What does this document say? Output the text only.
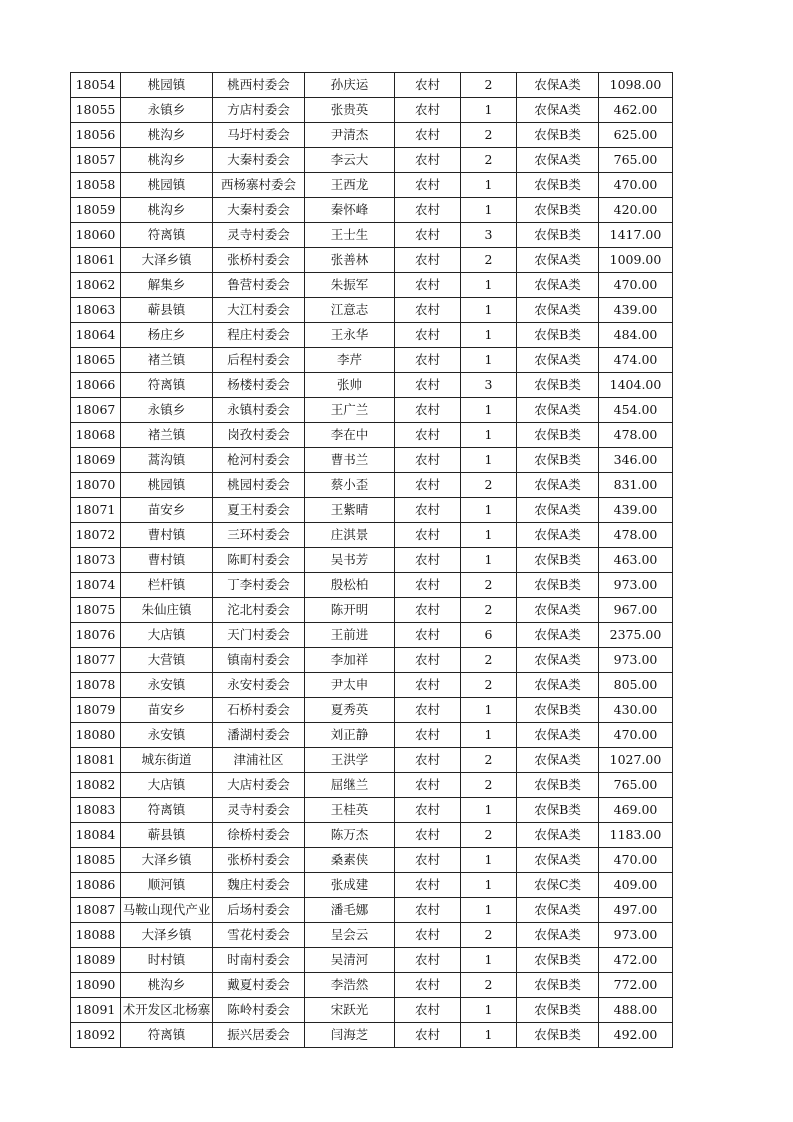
18054	桃园镇	桃西村委会	孙庆运	农村	2	农保A类	1098.00
18055	永镇乡	方店村委会	张贵英	农村	1	农保A类	462.00
18056	桃沟乡	马圩村委会	尹清杰	农村	2	农保B类	625.00
18057	桃沟乡	大秦村委会	李云大	农村	2	农保A类	765.00
18058	桃园镇	西杨寨村委会	王西龙	农村	1	农保B类	470.00
18059	桃沟乡	大秦村委会	秦怀峰	农村	1	农保B类	420.00
18060	符离镇	灵寺村委会	王士生	农村	3	农保B类	1417.00
18061	大泽乡镇	张桥村委会	张善林	农村	2	农保A类	1009.00
18062	解集乡	鲁营村委会	朱振军	农村	1	农保A类	470.00
18063	蕲县镇	大江村委会	江意志	农村	1	农保A类	439.00
18064	杨庄乡	程庄村委会	王永华	农村	1	农保B类	484.00
18065	褚兰镇	后程村委会	李芹	农村	1	农保A类	474.00
18066	符离镇	杨楼村委会	张帅	农村	3	农保B类	1404.00
18067	永镇乡	永镇村委会	王广兰	农村	1	农保A类	454.00
18068	褚兰镇	岗孜村委会	李在中	农村	1	农保B类	478.00
18069	蒿沟镇	枪河村委会	曹书兰	农村	1	农保B类	346.00
18070	桃园镇	桃园村委会	蔡小歪	农村	2	农保A类	831.00
18071	苗安乡	夏王村委会	王紫晴	农村	1	农保A类	439.00
18072	曹村镇	三环村委会	庄淇景	农村	1	农保A类	478.00
18073	曹村镇	陈町村委会	吴书芳	农村	1	农保B类	463.00
18074	栏杆镇	丁李村委会	殷松柏	农村	2	农保B类	973.00
18075	朱仙庄镇	沱北村委会	陈开明	农村	2	农保A类	967.00
18076	大店镇	天门村委会	王前进	农村	6	农保A类	2375.00
18077	大营镇	镇南村委会	李加祥	农村	2	农保A类	973.00
18078	永安镇	永安村委会	尹太申	农村	2	农保A类	805.00
18079	苗安乡	石桥村委会	夏秀英	农村	1	农保B类	430.00
18080	永安镇	潘湖村委会	刘正静	农村	1	农保A类	470.00
18081	城东街道	津浦社区	王洪学	农村	2	农保A类	1027.00
18082	大店镇	大店村委会	屈继兰	农村	2	农保B类	765.00
18083	符离镇	灵寺村委会	王桂英	农村	1	农保B类	469.00
18084	蕲县镇	徐桥村委会	陈万杰	农村	2	农保A类	1183.00
18085	大泽乡镇	张桥村委会	桑素侠	农村	1	农保A类	470.00
18086	顺河镇	魏庄村委会	张成建	农村	1	农保C类	409.00
18087	马鞍山现代产业	后场村委会	潘毛娜	农村	1	农保A类	497.00
18088	大泽乡镇	雪花村委会	呈会云	农村	2	农保A类	973.00
18089	时村镇	时南村委会	吴清河	农村	1	农保B类	472.00
18090	桃沟乡	戴夏村委会	李浩然	农村	2	农保B类	772.00
18091	术开发区北杨寨	陈岭村委会	宋跃光	农村	1	农保B类	488.00
18092	符离镇	振兴居委会	闫海芝	农村	1	农保B类	492.00
